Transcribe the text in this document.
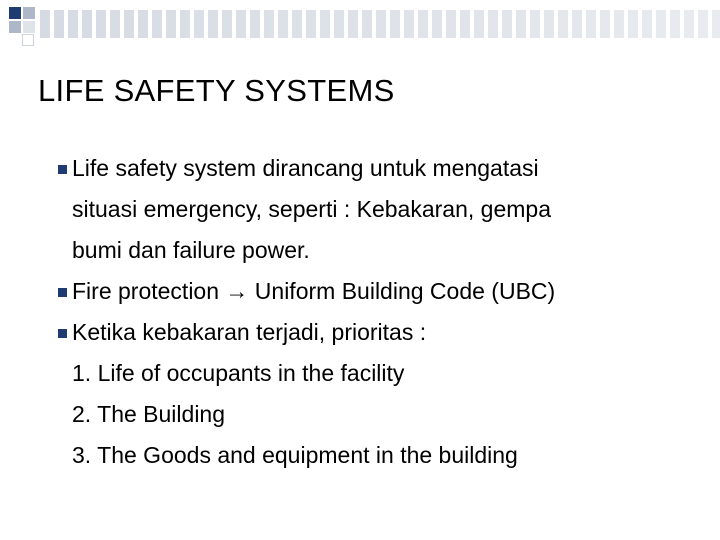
LIFE SAFETY SYSTEMS
Life safety system dirancang untuk mengatasi
situasi emergency, seperti : Kebakaran, gempa
bumi dan failure power.
Fire protection → Uniform Building Code (UBC)
Ketika kebakaran terjadi, prioritas :
1. Life of occupants in the facility
2. The Building
3. The Goods and equipment in the building
